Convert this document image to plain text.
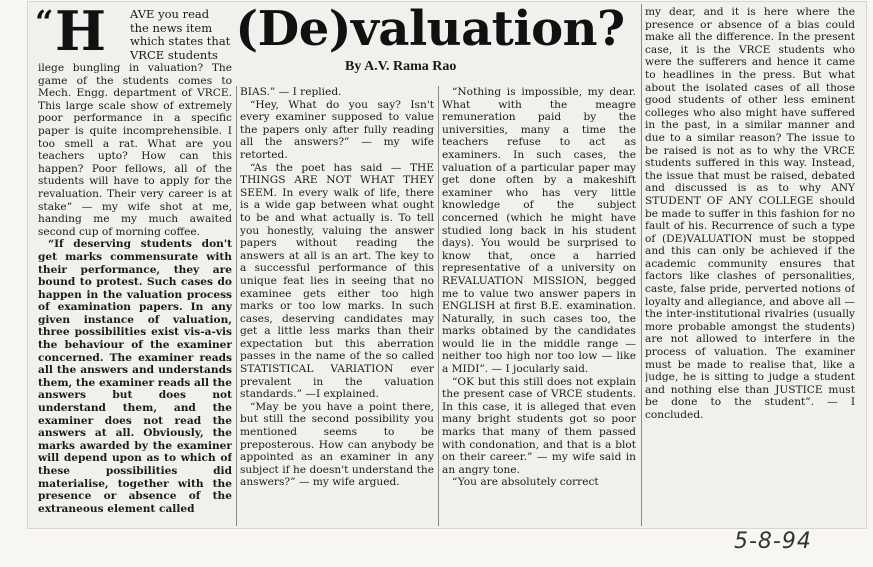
(De)valuation?
By A.V. Rama Rao
“ H AVE you read
the news item
which states that
VRCE students

ilege bungling in valuation? The game of the students comes to Mech. Engg. department of VRCE. This large scale show of extremely poor performance in a specific paper is quite incomprehensible. I too smell a rat. What are you teachers upto? How can this happen? Poor fellows, all of the students will have to apply for the revaluation. Their very career is at stake” — my wife shot at me, handing me my much awaited second cup of morning coffee.

“If deserving students don't get marks commensurate with their performance, they are bound to protest. Such cases do happen in the valuation process of examination papers. In any given instance of valuation, three possibilities exist vis-a-vis the behaviour of the examiner concerned. The examiner reads all the answers and understands them, the examiner reads all the answers but does not understand them, and the examiner does not read the answers at all. Obviously, the marks awarded by the examiner will depend upon as to which of these possibilities did materialise, together with the presence or absence of the extraneous element called

BIAS.” — I replied.

“Hey, What do you say? Isn't every examiner supposed to value the papers only after fully reading all the answers?” — my wife retorted.

“As the poet has said — THE THINGS ARE NOT WHAT THEY SEEM. In every walk of life, there is a wide gap between what ought to be and what actually is. To tell you honestly, valuing the answer papers without reading the answers at all is an art. The key to a successful performance of this unique feat lies in seeing that no examinee gets either too high marks or too low marks. In such cases, deserving candidates may get a little less marks than their expectation but this aberration passes in the name of the so called STATISTICAL VARIATION ever prevalent in the valuation standards.” —I explained.

“May be you have a point there, but still the second possibility you mentioned seems to be preposterous. How can anybody be appointed as an examiner in any subject if he doesn't understand the answers?” — my wife argued.

“Nothing is impossible, my dear. What with the meagre remuneration paid by the universities, many a time the teachers refuse to act as examiners. In such cases, the valuation of a particular paper may get done often by a makeshift examiner who has very little knowledge of the subject concerned (which he might have studied long back in his student days). You would be surprised to know that, once a harried representative of a university on REVALUATION MISSION, begged me to value two answer papers in ENGLISH at first B.E. examination. Naturally, in such cases too, the marks obtained by the candidates would lie in the middle range — neither too high nor too low — like a MIDI”. — I jocularly said.

“OK but this still does not explain the present case of VRCE students. In this case, it is alleged that even many bright students got so poor marks that many of them passed with condonation, and that is a blot on their career.” — my wife said in an angry tone.

“You are absolutely correct

my dear, and it is here where the presence or absence of a bias could make all the difference. In the present case, it is the VRCE students who were the sufferers and hence it came to headlines in the press. But what about the isolated cases of all those good students of other less eminent colleges who also might have suffered in the past, in a similar manner and due to a similar reason? The issue to be raised is not as to why the VRCE students suffered in this way. Instead, the issue that must be raised, debated and discussed is as to why ANY STUDENT OF ANY COLLEGE should be made to suffer in this fashion for no fault of his. Recurrence of such a type of (DE)VALUATION must be stopped and this can only be achieved if the academic community ensures that factors like clashes of personalities, caste, false pride, perverted notions of loyalty and allegiance, and above all — the inter-institutional rivalries (usually more probable amongst the students) are not allowed to interfere in the process of valuation. The examiner must be made to realise that, like a judge, he is sitting to judge a student and nothing else than JUSTICE must be done to the student”. — I concluded.

5-8-94
